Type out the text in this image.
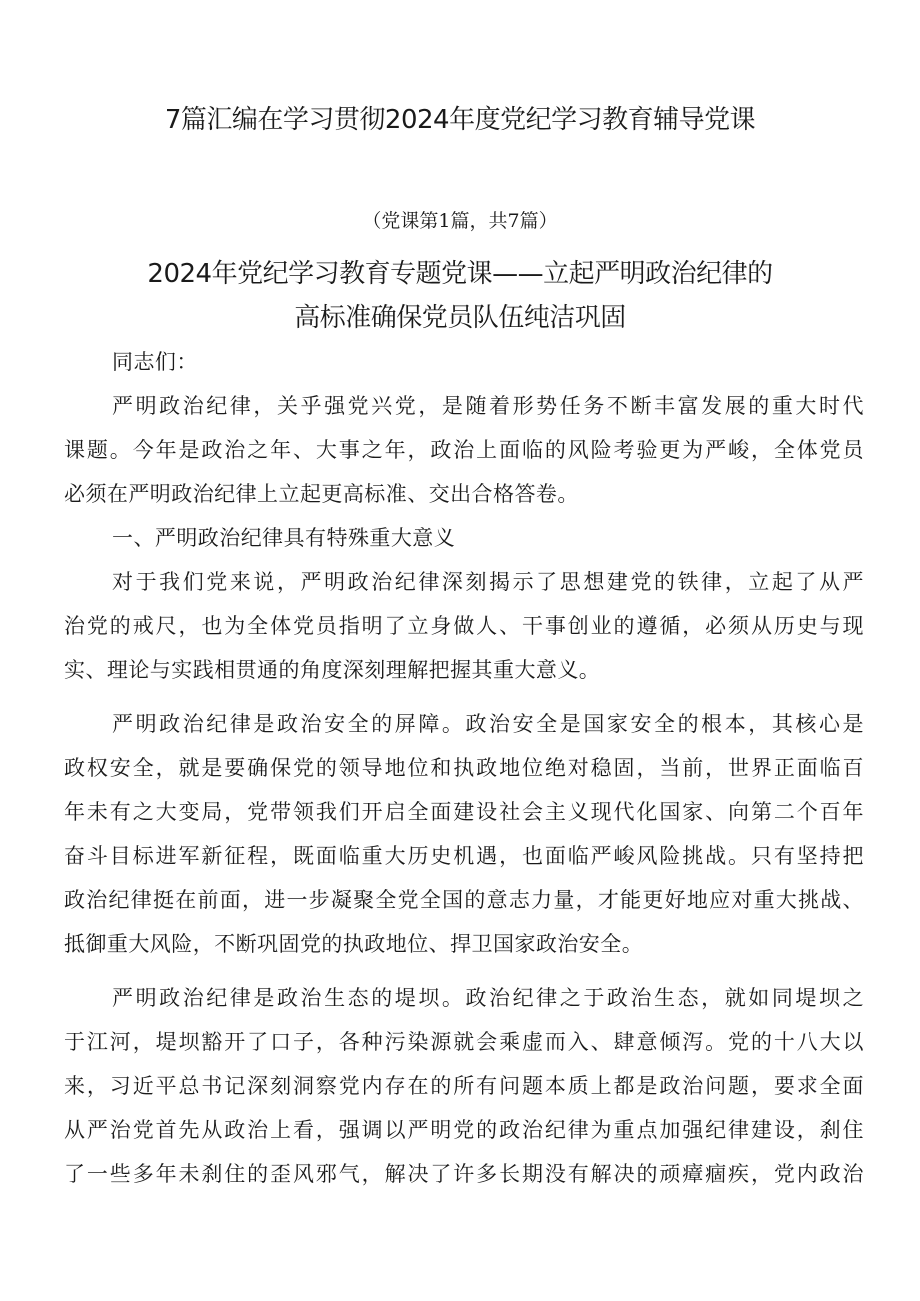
7篇汇编在学习贯彻2024年度党纪学习教育辅导党课
（党课第1篇，共7篇）
2024年党纪学习教育专题党课——立起严明政治纪律的
高标准确保党员队伍纯洁巩固
同志们：
严明政治纪律，关乎强党兴党，是随着形势任务不断丰富发展的重大时代
课题。今年是政治之年、大事之年，政治上面临的风险考验更为严峻，全体党员
必须在严明政治纪律上立起更高标准、交出合格答卷。
一、严明政治纪律具有特殊重大意义
对于我们党来说，严明政治纪律深刻揭示了思想建党的铁律，立起了从严
治党的戒尺，也为全体党员指明了立身做人、干事创业的遵循，必须从历史与现
实、理论与实践相贯通的角度深刻理解把握其重大意义。
严明政治纪律是政治安全的屏障。政治安全是国家安全的根本，其核心是
政权安全，就是要确保党的领导地位和执政地位绝对稳固，当前，世界正面临百
年未有之大变局，党带领我们开启全面建设社会主义现代化国家、向第二个百年
奋斗目标进军新征程，既面临重大历史机遇，也面临严峻风险挑战。只有坚持把
政治纪律挺在前面，进一步凝聚全党全国的意志力量，才能更好地应对重大挑战、
抵御重大风险，不断巩固党的执政地位、捍卫国家政治安全。
严明政治纪律是政治生态的堤坝。政治纪律之于政治生态，就如同堤坝之
于江河，堤坝豁开了口子，各种污染源就会乘虚而入、肆意倾泻。党的十八大以
来，习近平总书记深刻洞察党内存在的所有问题本质上都是政治问题，要求全面
从严治党首先从政治上看，强调以严明党的政治纪律为重点加强纪律建设，刹住
了一些多年未刹住的歪风邪气，解决了许多长期没有解决的顽瘴痼疾，党内政治
